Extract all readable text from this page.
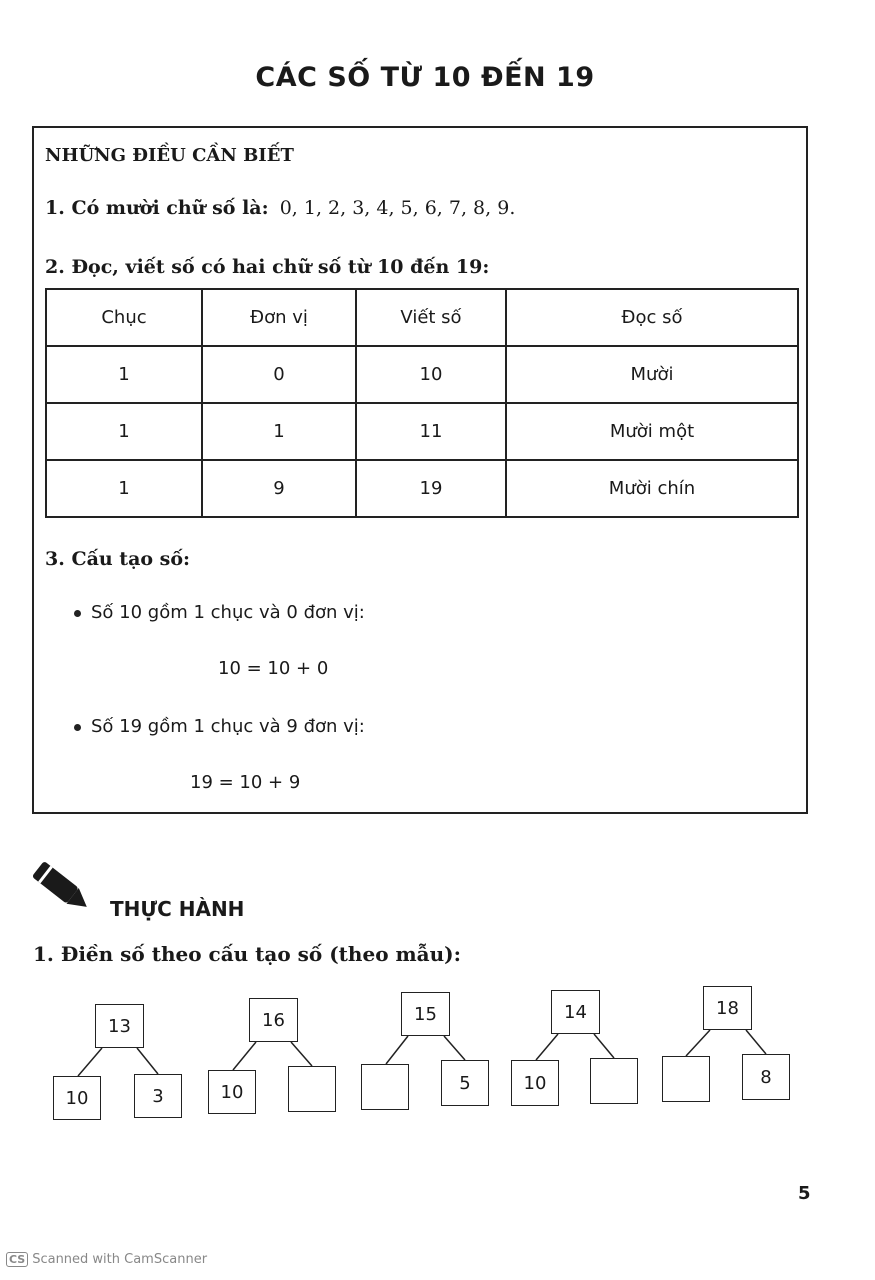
CÁC SỐ TỪ 10 ĐẾN 19
NHỮNG ĐIỀU CẦN BIẾT
1. Có mười chữ số là: 0, 1, 2, 3, 4, 5, 6, 7, 8, 9.
2. Đọc, viết số có hai chữ số từ 10 đến 19:
Chục	Đơn vị	Viết số	Đọc số
1	0	10	Mười
1	1	11	Mười một
1	9	19	Mười chín
3. Cấu tạo số:
Số 10 gồm 1 chục và 0 đơn vị:
10 = 10 + 0
Số 19 gồm 1 chục và 9 đơn vị:
19 = 10 + 9
THỰC HÀNH
1. Điền số theo cấu tạo số (theo mẫu):
13
10	3
16
10
15
5
14
10
18
8
5
CS Scanned with CamScanner
